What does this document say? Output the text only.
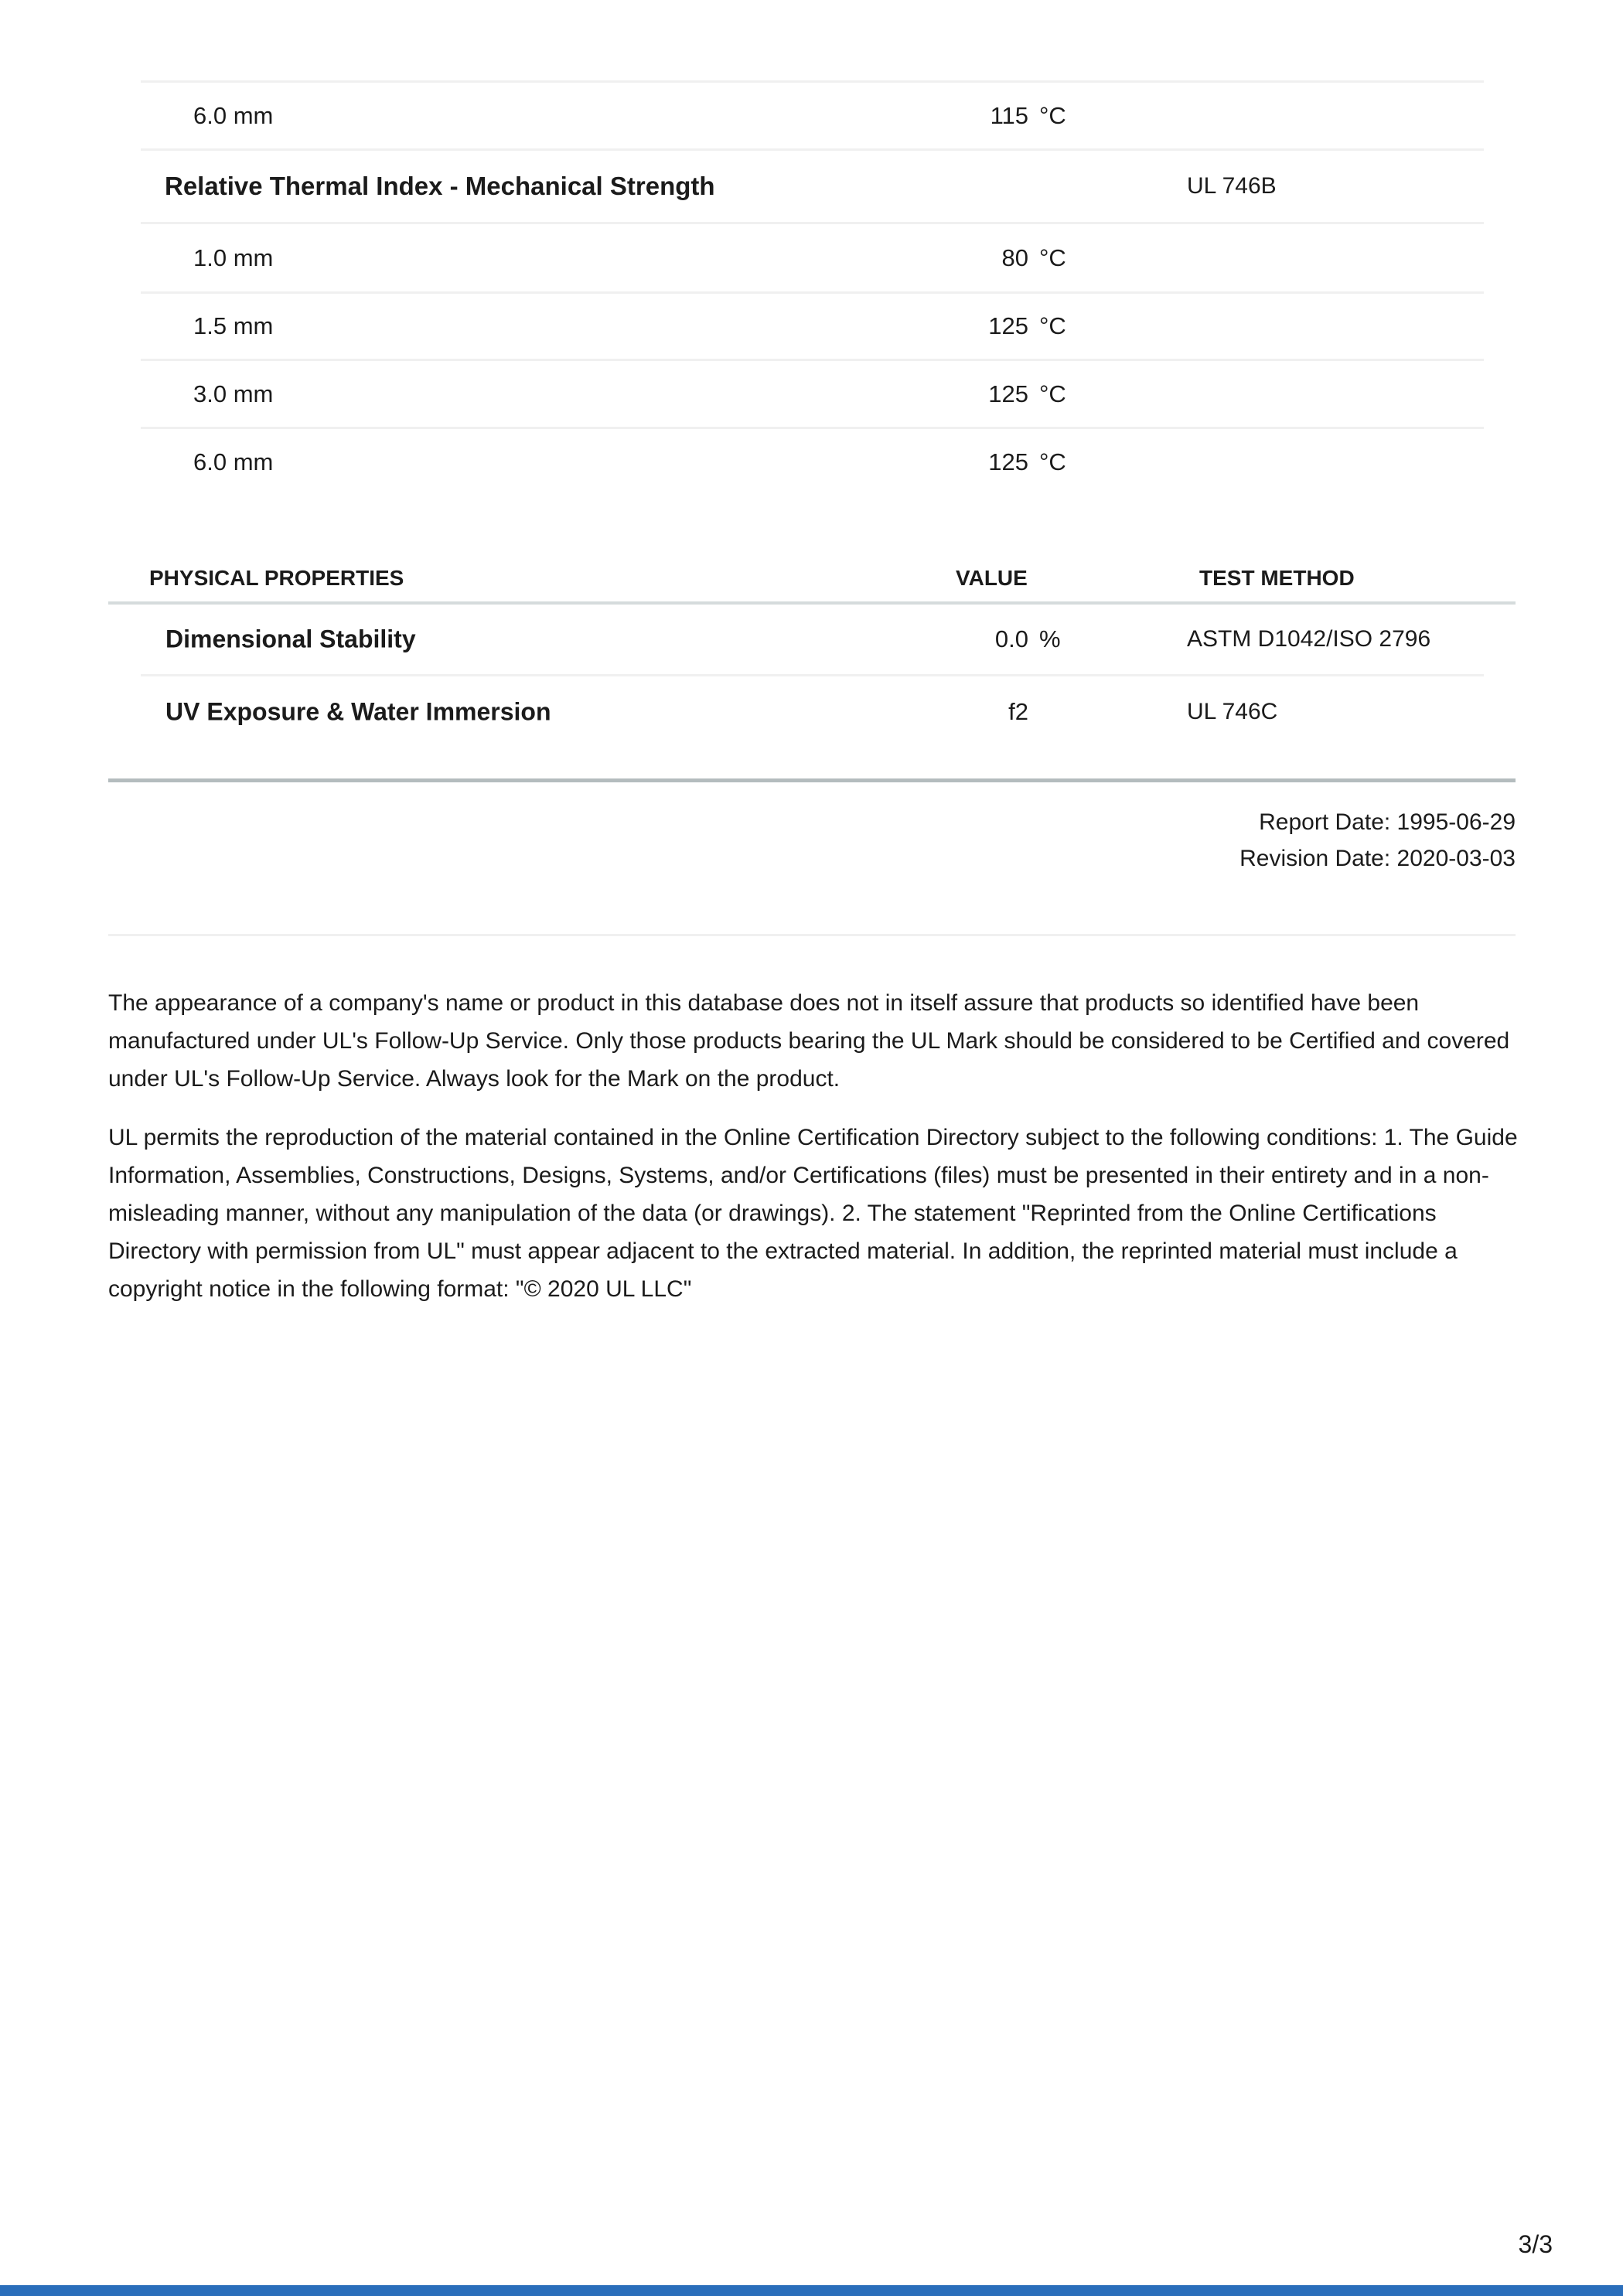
6.0 mm	115 °C
Relative Thermal Index - Mechanical Strength	UL 746B
1.0 mm	80 °C
1.5 mm	125 °C
3.0 mm	125 °C
6.0 mm	125 °C
PHYSICAL PROPERTIES	VALUE	TEST METHOD
Dimensional Stability	0.0 %	ASTM D1042/ISO 2796
UV Exposure & Water Immersion	f2	UL 746C
Report Date: 1995-06-29
Revision Date: 2020-03-03

The appearance of a company's name or product in this database does not in itself assure that products so identified have been manufactured under UL's Follow-Up Service. Only those products bearing the UL Mark should be considered to be Certified and covered under UL's Follow-Up Service. Always look for the Mark on the product.

UL permits the reproduction of the material contained in the Online Certification Directory subject to the following conditions: 1. The Guide Information, Assemblies, Constructions, Designs, Systems, and/or Certifications (files) must be presented in their entirety and in a non-misleading manner, without any manipulation of the data (or drawings). 2. The statement "Reprinted from the Online Certifications Directory with permission from UL" must appear adjacent to the extracted material. In addition, the reprinted material must include a copyright notice in the following format: "© 2020 UL LLC"

3/3
